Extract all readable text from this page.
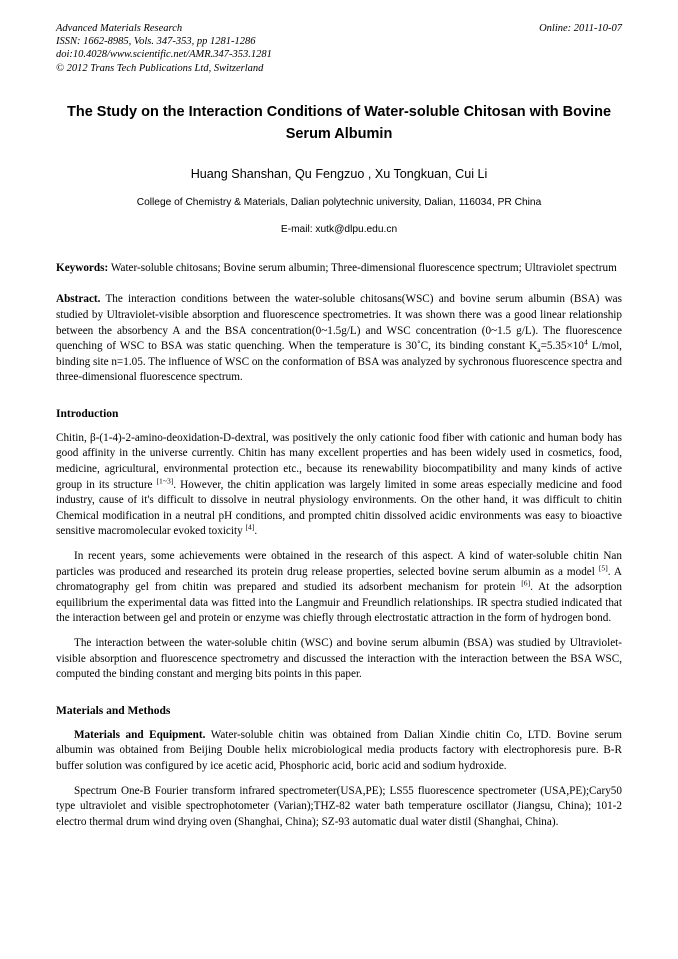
Advanced Materials Research
ISSN: 1662-8985, Vols. 347-353, pp 1281-1286
doi:10.4028/www.scientific.net/AMR.347-353.1281
© 2012 Trans Tech Publications Ltd, Switzerland
Online: 2011-10-07
The Study on the Interaction Conditions of Water-soluble Chitosan with Bovine Serum Albumin
Huang Shanshan, Qu Fengzuo , Xu Tongkuan, Cui Li
College of Chemistry & Materials, Dalian polytechnic university, Dalian, 116034, PR China
E-mail: xutk@dlpu.edu.cn
Keywords: Water-soluble chitosans; Bovine serum albumin; Three-dimensional fluorescence spectrum; Ultraviolet spectrum
Abstract. The interaction conditions between the water-soluble chitosans(WSC) and bovine serum albumin (BSA) was studied by Ultraviolet-visible absorption and fluorescence spectrometries. It was shown there was a good linear relationship between the absorbency A and the BSA concentration(0~1.5g/L) and WSC concentration (0~1.5 g/L). The fluorescence quenching of WSC to BSA was static quenching. When the temperature is 30˚C, its binding constant $K_a=5.35\times 10^4$ L/mol, binding site n=1.05. The influence of WSC on the conformation of BSA was analyzed by sychronous fluorescence spectra and three-dimensional fluorescence spectrum.
Introduction

Chitin, β-(1-4)-2-amino-deoxidation-D-dextral, was positively the only cationic food fiber with cationic and human body has good affinity in the universe currently. Chitin has many excellent properties and has been widely used in cosmetics, food, medicine, agricultural, environmental protection etc., because its renewability biocompatibility and many kinds of active group in its structure [1~3]. However, the chitin application was largely limited in some areas especially medicine and food industry, cause of it's difficult to dissolve in neutral physiology environments. On the other hand, it was difficult to chitin Chemical modification in a neutral pH conditions, and prompted chitin dissolved acidic environments was easy to bioactive sensitive macromolecular evoked toxicity [4].

In recent years, some achievements were obtained in the research of this aspect. A kind of water-soluble chitin Nan particles was produced and researched its protein drug release properties, selected bovine serum albumin as a model [5]. A chromatography gel from chitin was prepared and studied its adsorbent mechanism for protein [6]. At the adsorption equilibrium the experimental data was fitted into the Langmuir and Freundlich relationships. IR spectra studied indicated that the interaction between gel and protein or enzyme was chiefly through electrostatic attraction in the form of hydrogen bond.

The interaction between the water-soluble chitin (WSC) and bovine serum albumin (BSA) was studied by Ultraviolet-visible absorption and fluorescence spectrometry and discussed the interaction with the interaction between the BSA WSC, computed the binding constant and merging bits points in this paper.

Materials and Methods

Materials and Equipment. Water-soluble chitin was obtained from Dalian Xindie chitin Co, LTD. Bovine serum albumin was obtained from Beijing Double helix microbiological media products factory with electrophoresis pure. B-R buffer solution was configured by ice acetic acid, Phosphoric acid, boric acid and sodium hydroxide.

Spectrum One-B Fourier transform infrared spectrometer(USA,PE); LS55 fluorescence spectrometer (USA,PE);Cary50 type ultraviolet and visible spectrophotometer (Varian);THZ-82 water bath temperature oscillator (Jiangsu, China); 101-2 electro thermal drum wind drying oven (Shanghai, China); SZ-93 automatic dual water distil (Shanghai, China).
